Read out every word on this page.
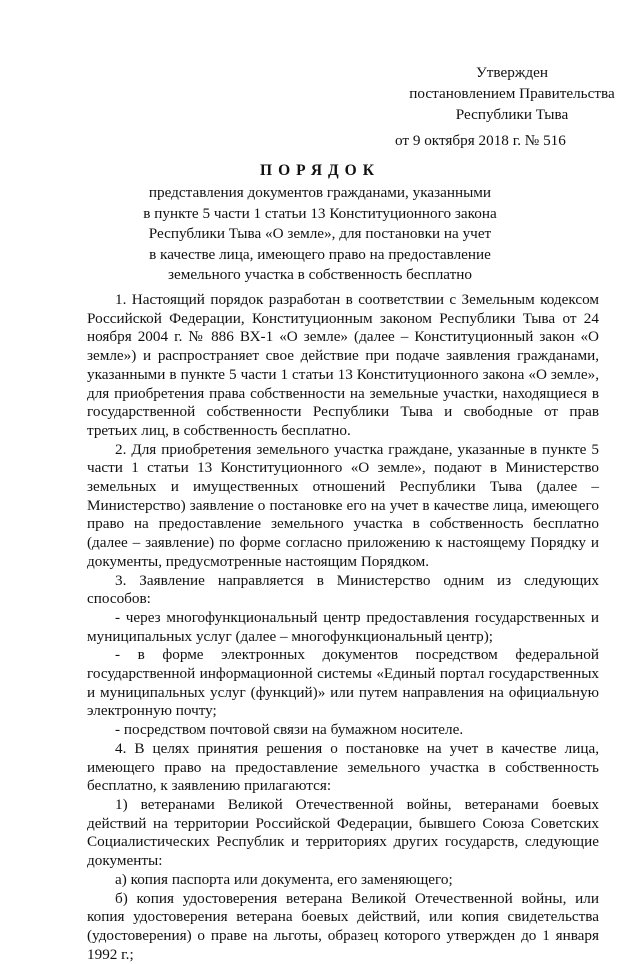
Утвержден
постановлением Правительства
Республики Тыва
от 9 октября 2018 г. № 516
ПОРЯДОК
представления документов гражданами, указанными
в пункте 5 части 1 статьи 13 Конституционного закона
Республики Тыва «О земле», для постановки на учет
в качестве лица, имеющего право на предоставление
земельного участка в собственность бесплатно

1. Настоящий порядок разработан в соответствии с Земельным кодексом Российской Федерации, Конституционным законом Республики Тыва от 24 ноября 2004 г. № 886 ВХ-1 «О земле» (далее – Конституционный закон «О земле») и распространяет свое действие при подаче заявления гражданами, указанными в пункте 5 части 1 статьи 13 Конституционного закона «О земле», для приобретения права собственности на земельные участки, находящиеся в государственной собственности Республики Тыва и свободные от прав третьих лиц, в собственность бесплатно.

2. Для приобретения земельного участка граждане, указанные в пункте 5 части 1 статьи 13 Конституционного «О земле», подают в Министерство земельных и имущественных отношений Республики Тыва (далее – Министерство) заявление о постановке его на учет в качестве лица, имеющего право на предоставление земельного участка в собственность бесплатно (далее – заявление) по форме согласно приложению к настоящему Порядку и документы, предусмотренные настоящим Порядком.

3. Заявление направляется в Министерство одним из следующих способов:

- через многофункциональный центр предоставления государственных и муниципальных услуг (далее – многофункциональный центр);

- в форме электронных документов посредством федеральной государственной информационной системы «Единый портал государственных и муниципальных услуг (функций)» или путем направления на официальную электронную почту;

- посредством почтовой связи на бумажном носителе.

4. В целях принятия решения о постановке на учет в качестве лица, имеющего право на предоставление земельного участка в собственность бесплатно, к заявлению прилагаются:

1) ветеранами Великой Отечественной войны, ветеранами боевых действий на территории Российской Федерации, бывшего Союза Советских Социалистических Республик и территориях других государств, следующие документы:

а) копия паспорта или документа, его заменяющего;

б) копия удостоверения ветерана Великой Отечественной войны, или копия удостоверения ветерана боевых действий, или копия свидетельства (удостоверения) о праве на льготы, образец которого утвержден до 1 января 1992 г.;
